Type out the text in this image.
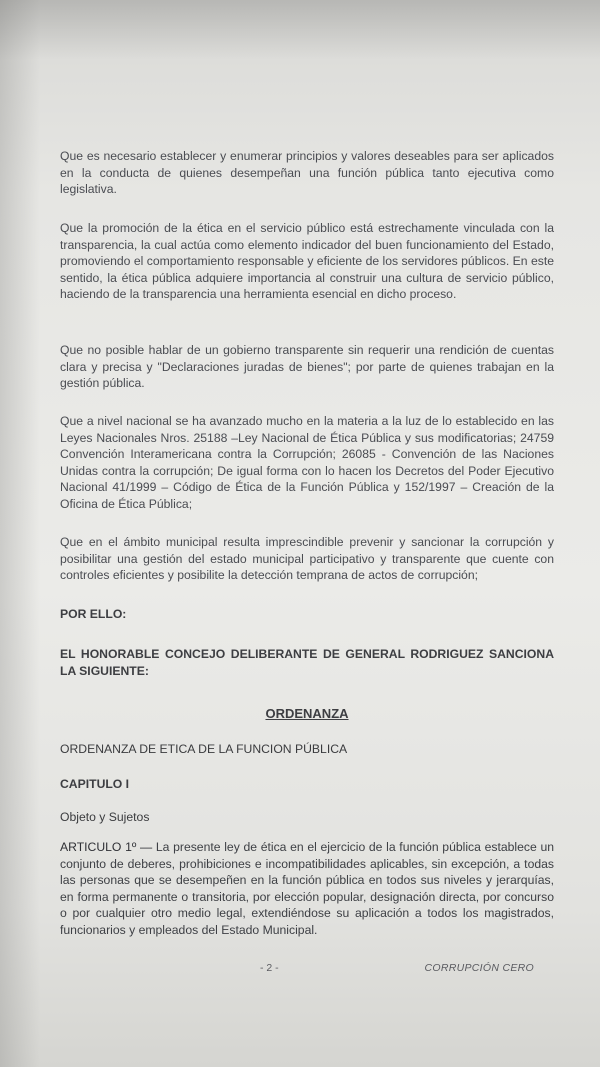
Que es necesario establecer y enumerar principios y valores deseables para ser aplicados en la conducta de quienes desempeñan una función pública tanto ejecutiva como legislativa.

Que la promoción de la ética en el servicio público está estrechamente vinculada con la transparencia, la cual actúa como elemento indicador del buen funcionamiento del Estado, promoviendo el comportamiento responsable y eficiente de los servidores públicos. En este sentido, la ética pública adquiere importancia al construir una cultura de servicio público, haciendo de la transparencia una herramienta esencial en dicho proceso.

Que no posible hablar de un gobierno transparente sin requerir una rendición de cuentas clara y precisa y "Declaraciones juradas de bienes"; por parte de quienes trabajan en la gestión pública.

Que a nivel nacional se ha avanzado mucho en la materia a la luz de lo establecido en las Leyes Nacionales Nros. 25188 –Ley Nacional de Ética Pública y sus modificatorias; 24759 Convención Interamericana contra la Corrupción; 26085 - Convención de las Naciones Unidas contra la corrupción; De igual forma con lo hacen los Decretos del Poder Ejecutivo Nacional 41/1999 – Código de Ética de la Función Pública y 152/1997 – Creación de la Oficina de Ética Pública;

Que en el ámbito municipal resulta imprescindible prevenir y sancionar la corrupción y posibilitar una gestión del estado municipal participativo y transparente que cuente con controles eficientes y posibilite la detección temprana de actos de corrupción;

POR ELLO:

EL HONORABLE CONCEJO DELIBERANTE DE GENERAL RODRIGUEZ SANCIONA LA SIGUIENTE:

ORDENANZA

ORDENANZA DE ETICA DE LA FUNCION PÚBLICA

CAPITULO I

Objeto y Sujetos

ARTICULO 1º — La presente ley de ética en el ejercicio de la función pública establece un conjunto de deberes, prohibiciones e incompatibilidades aplicables, sin excepción, a todas las personas que se desempeñen en la función pública en todos sus niveles y jerarquías, en forma permanente o transitoria, por elección popular, designación directa, por concurso o por cualquier otro medio legal, extendiéndose su aplicación a todos los magistrados, funcionarios y empleados del Estado Municipal.

- 2 -	CORRUPCIÓN CERO
